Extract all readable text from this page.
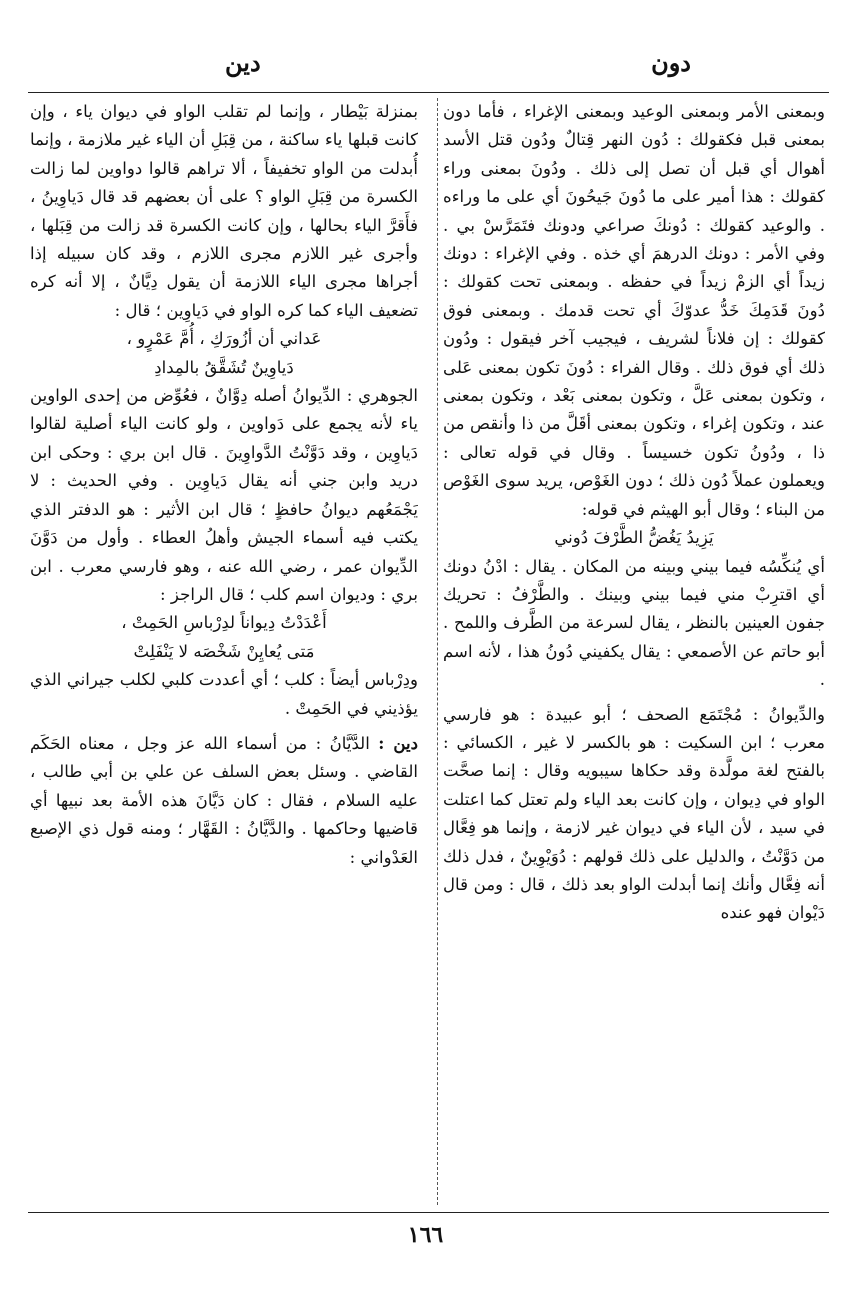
دون
دين

وبمعنى الأمر وبمعنى الوعيد وبمعنى الإغراء ، فأما دون بمعنى قبل فكقولك : دُون النهر قِتالٌ ودُون قتل الأسد أهوال أي قبل أن تصل إلى ذلك . ودُونَ بمعنى وراء كقولك : هذا أمير على ما دُونَ جَيحُونَ أي على ما وراءه . والوعيد كقولك : دُونكَ صراعي ودونك فتَمَرَّسْ بي . وفي الأمر : دونك الدرهمَ أي خذه . وفي الإغراء : دونك زيداً أي الزمْ زيداً في حفظه . وبمعنى تحت كقولك : دُونَ قَدَمِكَ خَدُّ عدوّكَ أي تحت قدمك . وبمعنى فوق كقولك : إن فلاناً لشريف ، فيجيب آخر فيقول : ودُون ذلك أي فوق ذلك . وقال الفراء : دُونَ تكون بمعنى عَلى ، وتكون بمعنى عَلَّ ، وتكون بمعنى بَعْد ، وتكون بمعنى عند ، وتكون إغراء ، وتكون بمعنى أقَلَّ من ذا وأنقص من ذا ، ودُونُ تكون خسيساً . وقال في قوله تعالى : ويعملون عملاً دُون ذلك ؛ دون الغَوْص، يريد سوى الغَوْص من البناء ؛ وقال أبو الهيثم في قوله:

يَزِيدُ يَغُضُّ الطَّرْفَ دُوني

أي يُنكِّسُه فيما بيني وبينه من المكان . يقال : ادْنُ دونك أي اقترِبْ مني فيما بيني وبينك . والطَّرْفُ : تحريك جفون العينين بالنظر ، يقال لسرعة من الطَّرف واللمح . أبو حاتم عن الأصمعي : يقال يكفيني دُونُ هذا ، لأنه اسم .

والدِّيوانُ : مُجْتَمَع الصحف ؛ أبو عبيدة : هو فارسي معرب ؛ ابن السكيت : هو بالكسر لا غير ، الكسائي : بالفتح لغة مولَّدة وقد حكاها سيبويه وقال : إنما صحَّت الواو في دِيوان ، وإن كانت بعد الياء ولم تعتل كما اعتلت في سيد ، لأن الياء في ديوان غير لازمة ، وإنما هو فِعَّال من دَوَّنْتُ ، والدليل على ذلك قولهم : دُوَيْوِينٌ ، فدل ذلك أنه فِعَّال وأنك إنما أبدلت الواو بعد ذلك ، قال : ومن قال دَيْوان فهو عنده

بمنزلة بَيْطار ، وإنما لم تقلب الواو في ديوان ياء ، وإن كانت قبلها ياء ساكنة ، من قِبَلِ أن الياء غير ملازمة ، وإنما أُبدلت من الواو تخفيفاً ، ألا تراهم قالوا دواوين لما زالت الكسرة من قِبَلِ الواو ؟ على أن بعضهم قد قال دَياوِينُ ، فأَقرَّ الياء بحالها ، وإن كانت الكسرة قد زالت من قِبَلها ، وأجرى غير اللازم مجرى اللازم ، وقد كان سبيله إذا أجراها مجرى الياء اللازمة أن يقول دِيَّانٌ ، إلا أنه كره تضعيف الياء كما كره الواو في دَياوِين ؛ قال :

عَداني أن أزُورَكِ ، أُمَّ عَمْرٍو ،

دَياوِينٌ تُشَقَّقُ بالمِدادِ

الجوهري : الدِّيوانُ أصله دِوَّانٌ ، فعُوِّض من إحدى الواوين ياء لأنه يجمع على دَواوين ، ولو كانت الياء أصلية لقالوا دَياوِين ، وقد دَوَّنْتُ الدَّواوِينَ . قال ابن بري : وحكى ابن دريد وابن جني أنه يقال دَياوِين . وفي الحديث : لا يَجْمَعُهم ديوانُ حافظٍ ؛ قال ابن الأثير : هو الدفتر الذي يكتب فيه أسماء الجيش وأهلُ العطاء . وأول من دَوَّنَ الدِّيوان عمر ، رضي الله عنه ، وهو فارسي معرب . ابن بري : وديوان اسم كلب ؛ قال الراجز :

أَعْدَدْتُ دِيواناً لدِرْباسِ الحَمِتْ ،

مَتى يُعايِنْ شَخْصَه لا يَنْفَلِتْ

ودِرْباس أيضاً : كلب ؛ أي أعددت كلبي لكلب جيراني الذي يؤذيني في الحَمِتْ .

دين : الدَّيَّانُ : من أسماء الله عز وجل ، معناه الحَكَم القاضي . وسئل بعض السلف عن علي بن أبي طالب ، عليه السلام ، فقال : كان دَيَّانَ هذه الأمة بعد نبيها أي قاضيها وحاكمها . والدَّيَّانُ : القَهَّار ؛ ومنه قول ذي الإصبع العَدْواني :

١٦٦
